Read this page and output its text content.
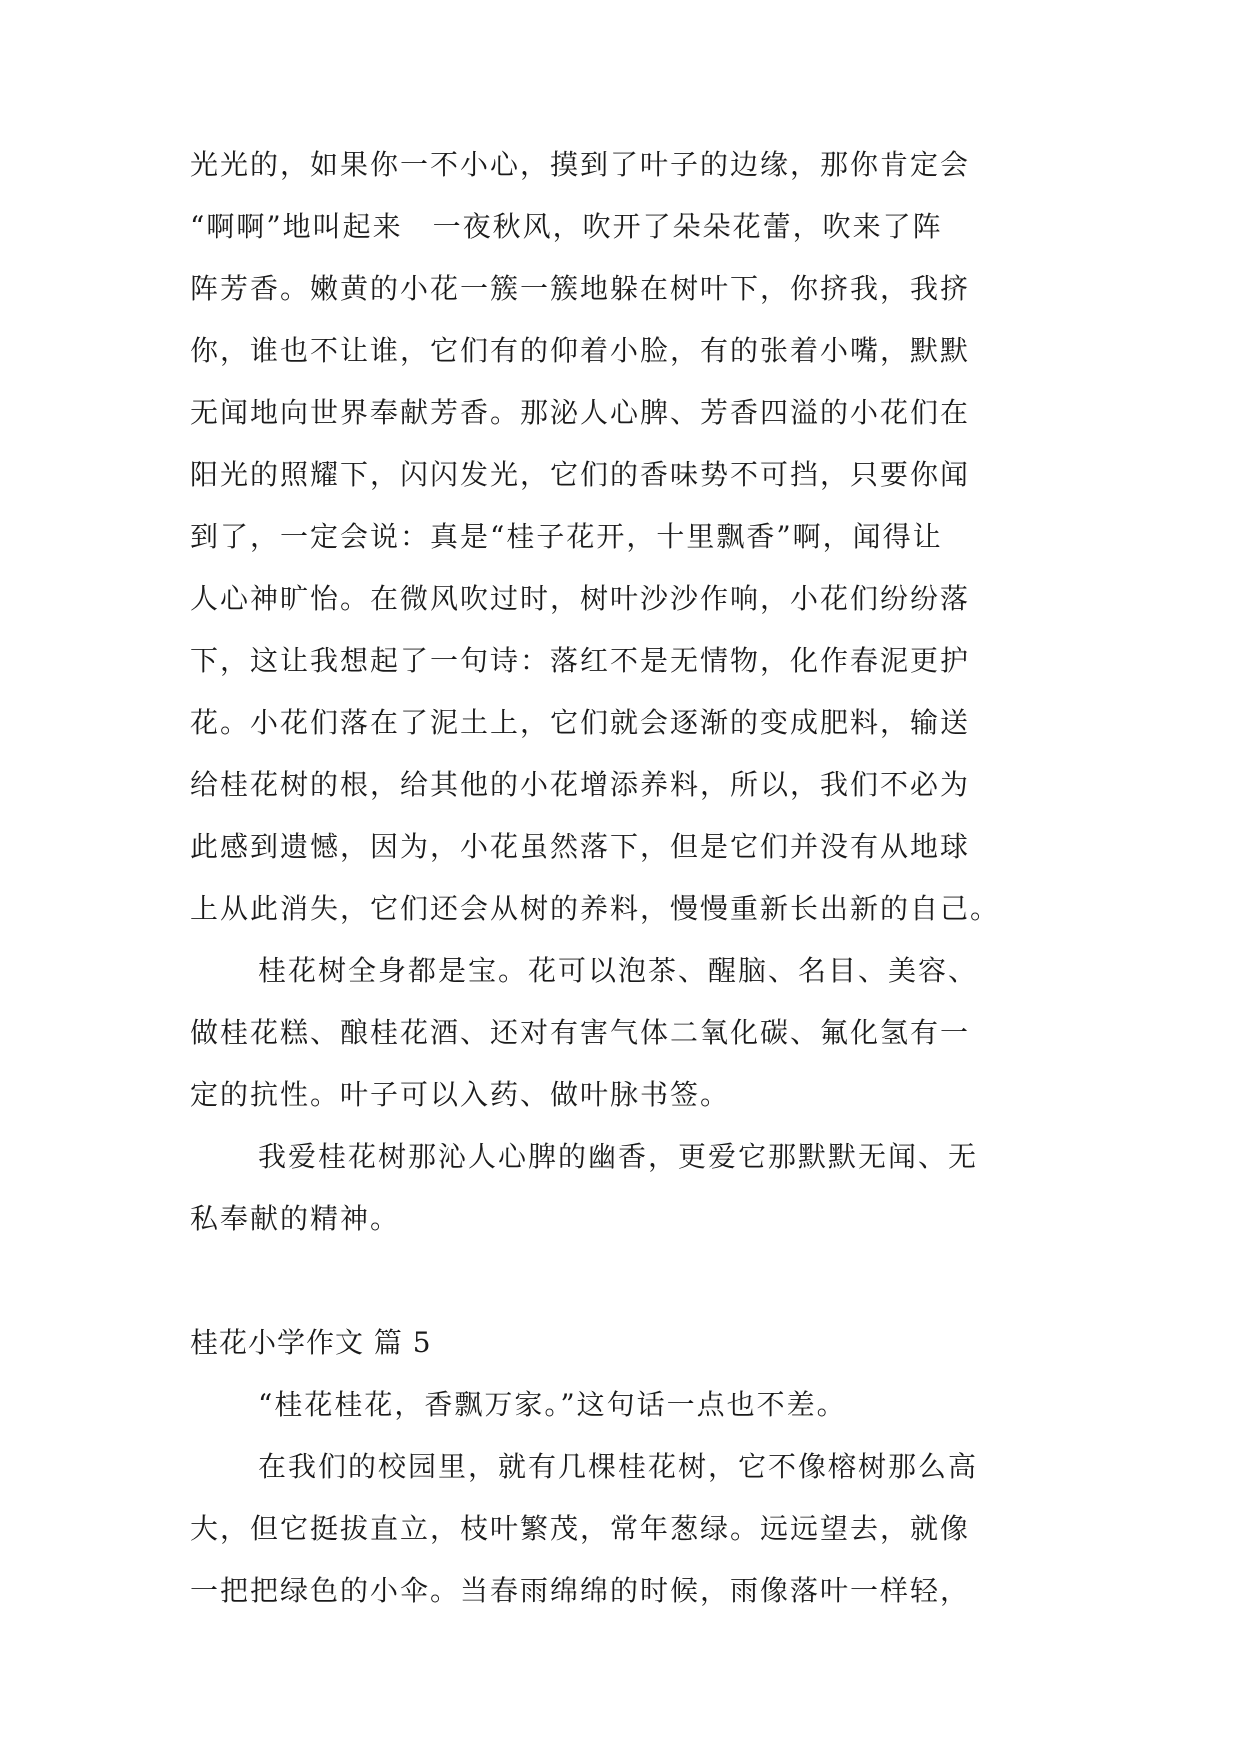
光光的，如果你一不小心，摸到了叶子的边缘，那你肯定会
“啊啊”地叫起来　一夜秋风，吹开了朵朵花蕾，吹来了阵
阵芳香。嫩黄的小花一簇一簇地躲在树叶下，你挤我，我挤
你，谁也不让谁，它们有的仰着小脸，有的张着小嘴，默默
无闻地向世界奉献芳香。那泌人心脾、芳香四溢的小花们在
阳光的照耀下，闪闪发光，它们的香味势不可挡，只要你闻
到了，一定会说：真是“桂子花开，十里飘香”啊，闻得让
人心神旷怡。在微风吹过时，树叶沙沙作响，小花们纷纷落
下，这让我想起了一句诗：落红不是无情物，化作春泥更护
花。小花们落在了泥土上，它们就会逐渐的变成肥料，输送
给桂花树的根，给其他的小花增添养料，所以，我们不必为
此感到遗憾，因为，小花虽然落下，但是它们并没有从地球
上从此消失，它们还会从树的养料，慢慢重新长出新的自己。
桂花树全身都是宝。花可以泡茶、醒脑、名目、美容、
做桂花糕、酿桂花酒、还对有害气体二氧化碳、氟化氢有一
定的抗性。叶子可以入药、做叶脉书签。
我爱桂花树那沁人心脾的幽香，更爱它那默默无闻、无
私奉献的精神。
桂花小学作文 篇 5
“桂花桂花，香飘万家。”这句话一点也不差。
在我们的校园里，就有几棵桂花树，它不像榕树那么高
大，但它挺拔直立，枝叶繁茂，常年葱绿。远远望去，就像
一把把绿色的小伞。当春雨绵绵的时候，雨像落叶一样轻，
